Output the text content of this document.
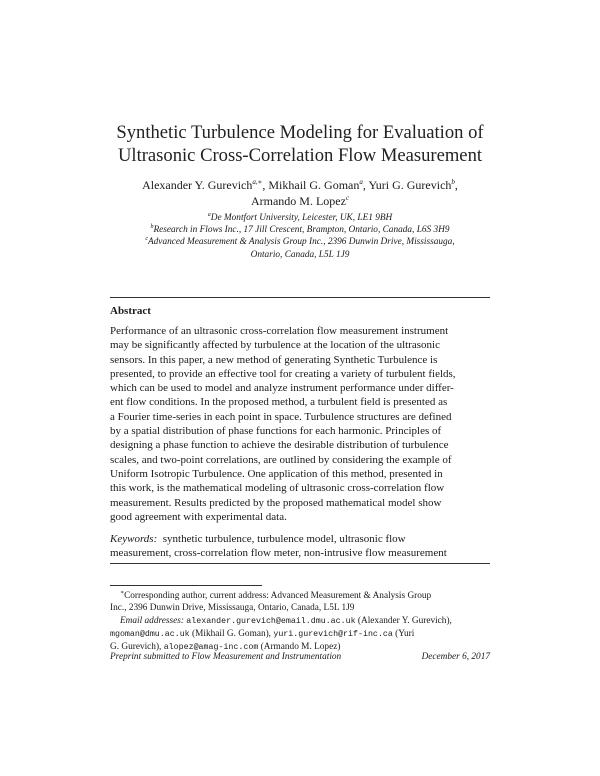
Synthetic Turbulence Modeling for Evaluation of
Ultrasonic Cross-Correlation Flow Measurement
Alexander Y. Gurevich$^{a,∗}$, Mikhail G. Goman$^a$, Yuri G. Gurevich$^b$,
Armando M. Lopez$^c$
$^a$De Montfort University, Leicester, UK, LE1 9BH
$^b$Research in Flows Inc., 17 Jill Crescent, Brampton, Ontario, Canada, L6S 3H9
$^c$Advanced Measurement & Analysis Group Inc., 2396 Dunwin Drive, Mississauga,
Ontario, Canada, L5L 1J9
Abstract
Performance of an ultrasonic cross-correlation flow measurement instrument
may be significantly affected by turbulence at the location of the ultrasonic
sensors. In this paper, a new method of generating Synthetic Turbulence is
presented, to provide an effective tool for creating a variety of turbulent fields,
which can be used to model and analyze instrument performance under differ-
ent flow conditions. In the proposed method, a turbulent field is presented as
a Fourier time-series in each point in space. Turbulence structures are defined
by a spatial distribution of phase functions for each harmonic. Principles of
designing a phase function to achieve the desirable distribution of turbulence
scales, and two-point correlations, are outlined by considering the example of
Uniform Isotropic Turbulence. One application of this method, presented in
this work, is the mathematical modeling of ultrasonic cross-correlation flow
measurement. Results predicted by the proposed mathematical model show
good agreement with experimental data.
Keywords: synthetic turbulence, turbulence model, ultrasonic flow
measurement, cross-correlation flow meter, non-intrusive flow measurement
∗Corresponding author, current address: Advanced Measurement & Analysis Group
Inc., 2396 Dunwin Drive, Mississauga, Ontario, Canada, L5L 1J9
Email addresses: alexander.gurevich@email.dmu.ac.uk (Alexander Y. Gurevich),
mgoman@dmu.ac.uk (Mikhail G. Goman), yuri.gurevich@rif-inc.ca (Yuri
G. Gurevich), alopez@amag-inc.com (Armando M. Lopez)
Preprint submitted to Flow Measurement and Instrumentation	December 6, 2017
